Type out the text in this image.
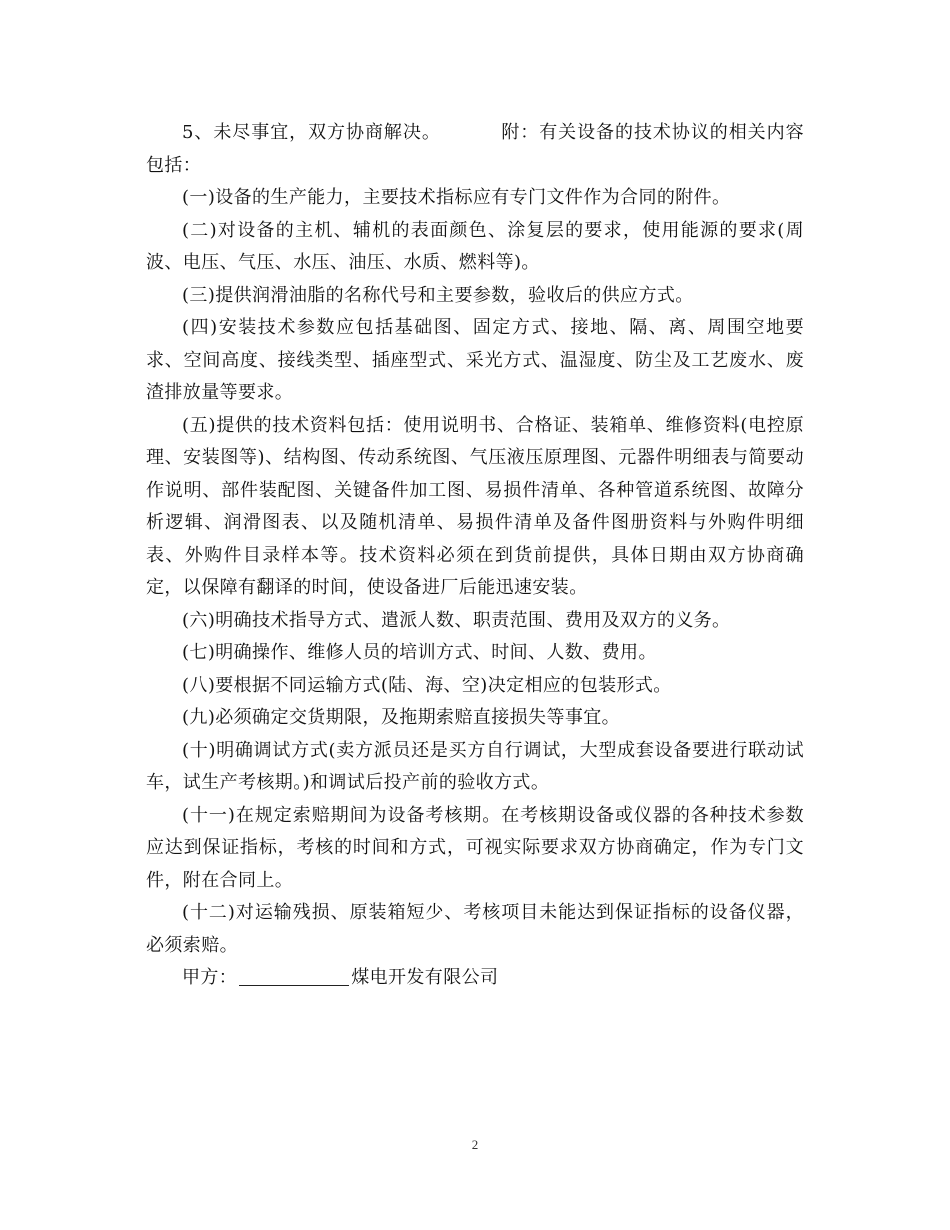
5、未尽事宜，双方协商解决。	附：有关设备的技术协议的相关内容包括：

(一)设备的生产能力，主要技术指标应有专门文件作为合同的附件。

(二)对设备的主机、辅机的表面颜色、涂复层的要求，使用能源的要求(周波、电压、气压、水压、油压、水质、燃料等)。

(三)提供润滑油脂的名称代号和主要参数，验收后的供应方式。

(四)安装技术参数应包括基础图、固定方式、接地、隔、离、周围空地要求、空间高度、接线类型、插座型式、采光方式、温湿度、防尘及工艺废水、废渣排放量等要求。

(五)提供的技术资料包括：使用说明书、合格证、装箱单、维修资料(电控原理、安装图等)、结构图、传动系统图、气压液压原理图、元器件明细表与简要动作说明、部件装配图、关键备件加工图、易损件清单、各种管道系统图、故障分析逻辑、润滑图表、以及随机清单、易损件清单及备件图册资料与外购件明细表、外购件目录样本等。技术资料必须在到货前提供，具体日期由双方协商确定，以保障有翻译的时间，使设备进厂后能迅速安装。

(六)明确技术指导方式、遣派人数、职责范围、费用及双方的义务。

(七)明确操作、维修人员的培训方式、时间、人数、费用。

(八)要根据不同运输方式(陆、海、空)决定相应的包装形式。

(九)必须确定交货期限，及拖期索赔直接损失等事宜。

(十)明确调试方式(卖方派员还是买方自行调试，大型成套设备要进行联动试车，试生产考核期。)和调试后投产前的验收方式。

(十一)在规定索赔期间为设备考核期。在考核期设备或仪器的各种技术参数应达到保证指标，考核的时间和方式，可视实际要求双方协商确定，作为专门文件，附在合同上。

(十二)对运输残损、原装箱短少、考核项目未能达到保证指标的设备仪器，必须索赔。

甲方：	煤电开发有限公司

2
